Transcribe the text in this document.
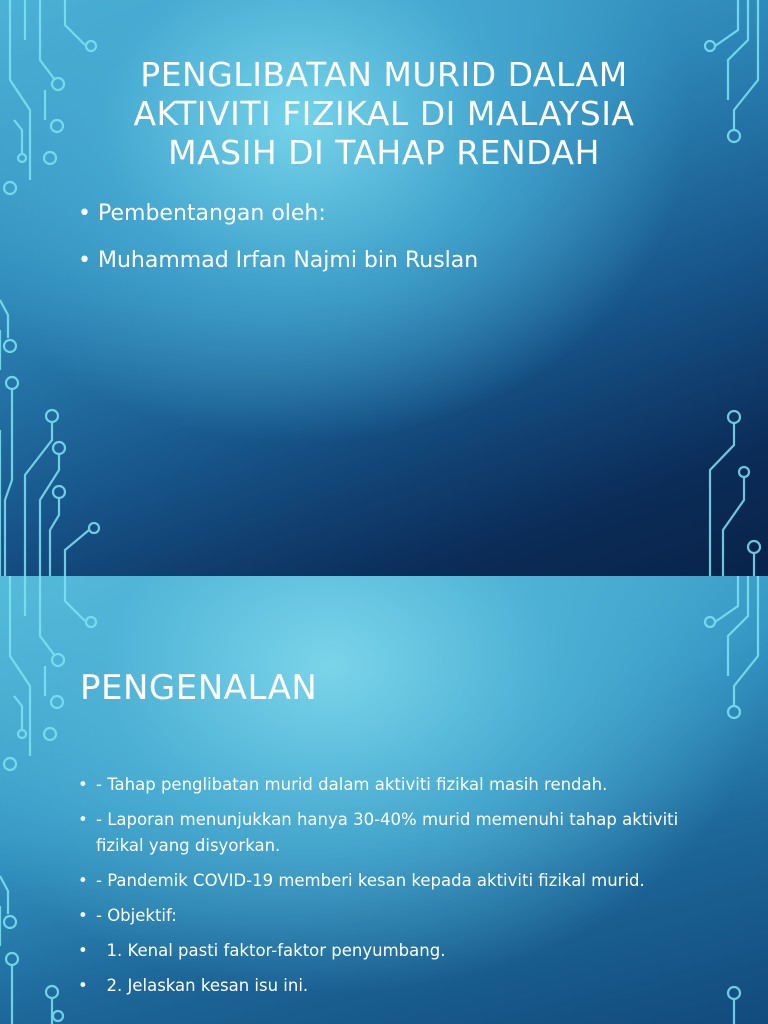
PENGLIBATAN MURID DALAM AKTIVITI FIZIKAL DI MALAYSIA MASIH DI TAHAP RENDAH
• Pembentangan oleh:
• Muhammad Irfan Najmi bin Ruslan
PENGENALAN
• - Tahap penglibatan murid dalam aktiviti fizikal masih rendah.
• - Laporan menunjukkan hanya 30-40% murid memenuhi tahap aktiviti fizikal yang disyorkan.
• - Pandemik COVID-19 memberi kesan kepada aktiviti fizikal murid.
• - Objektif:
• 1. Kenal pasti faktor-faktor penyumbang.
• 2. Jelaskan kesan isu ini.
